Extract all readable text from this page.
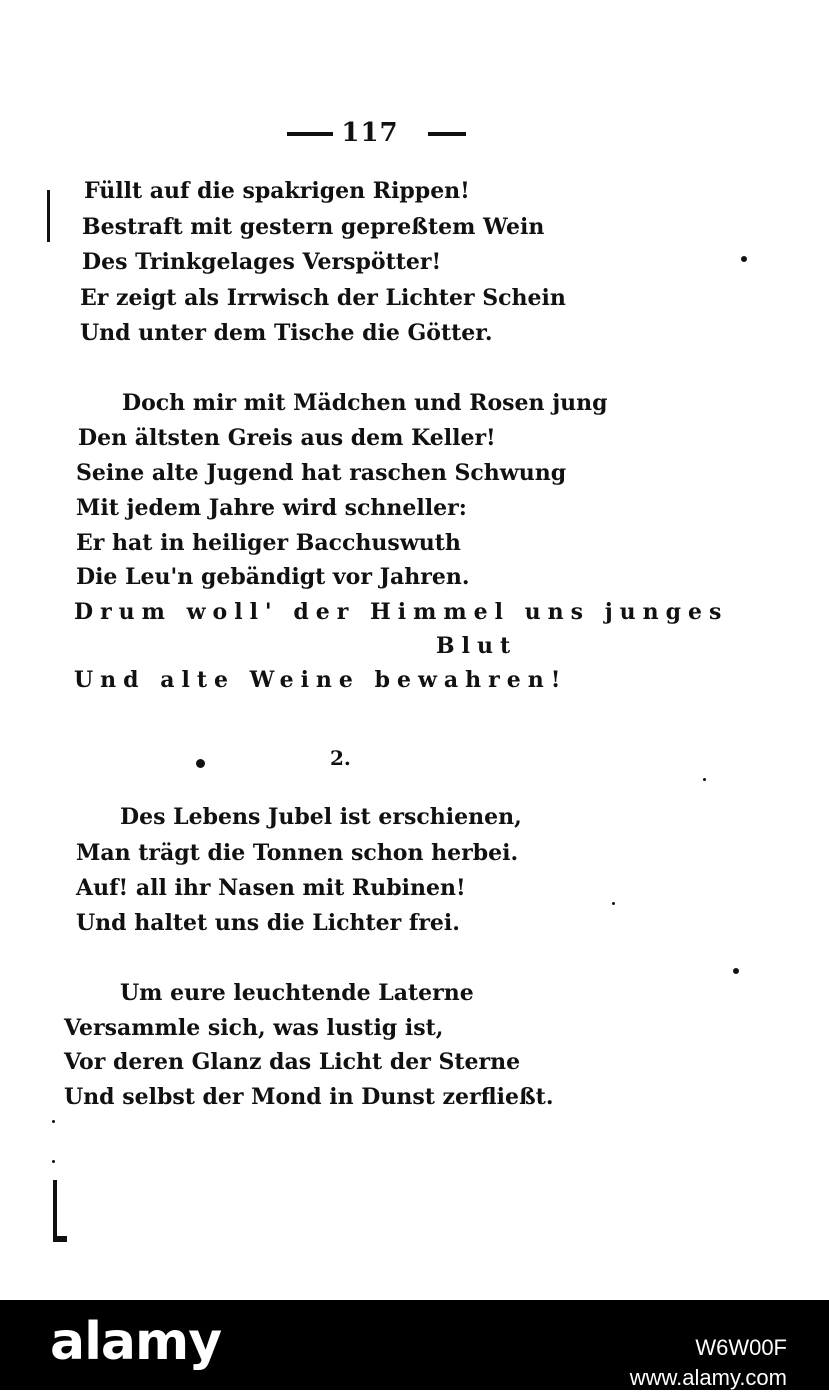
117
Füllt auf die spakrigen Rippen!
Bestraft mit gestern gepreßtem Wein
Des Trinkgelages Verspötter!
Er zeigt als Irrwisch der Lichter Schein
Und unter dem Tische die Götter.
Doch mir mit Mädchen und Rosen jung
Den ältsten Greis aus dem Keller!
Seine alte Jugend hat raschen Schwung
Mit jedem Jahre wird schneller:
Er hat in heiliger Bacchuswuth
Die Leu'n gebändigt vor Jahren.
Drum woll' der Himmel uns junges
Blut
Und alte Weine bewahren!
2.
Des Lebens Jubel ist erschienen,
Man trägt die Tonnen schon herbei.
Auf! all ihr Nasen mit Rubinen!
Und haltet uns die Lichter frei.
Um eure leuchtende Laterne
Versammle sich, was lustig ist,
Vor deren Glanz das Licht der Sterne
Und selbst der Mond in Dunst zerfließt.
alamy	W6W00F
www.alamy.com
